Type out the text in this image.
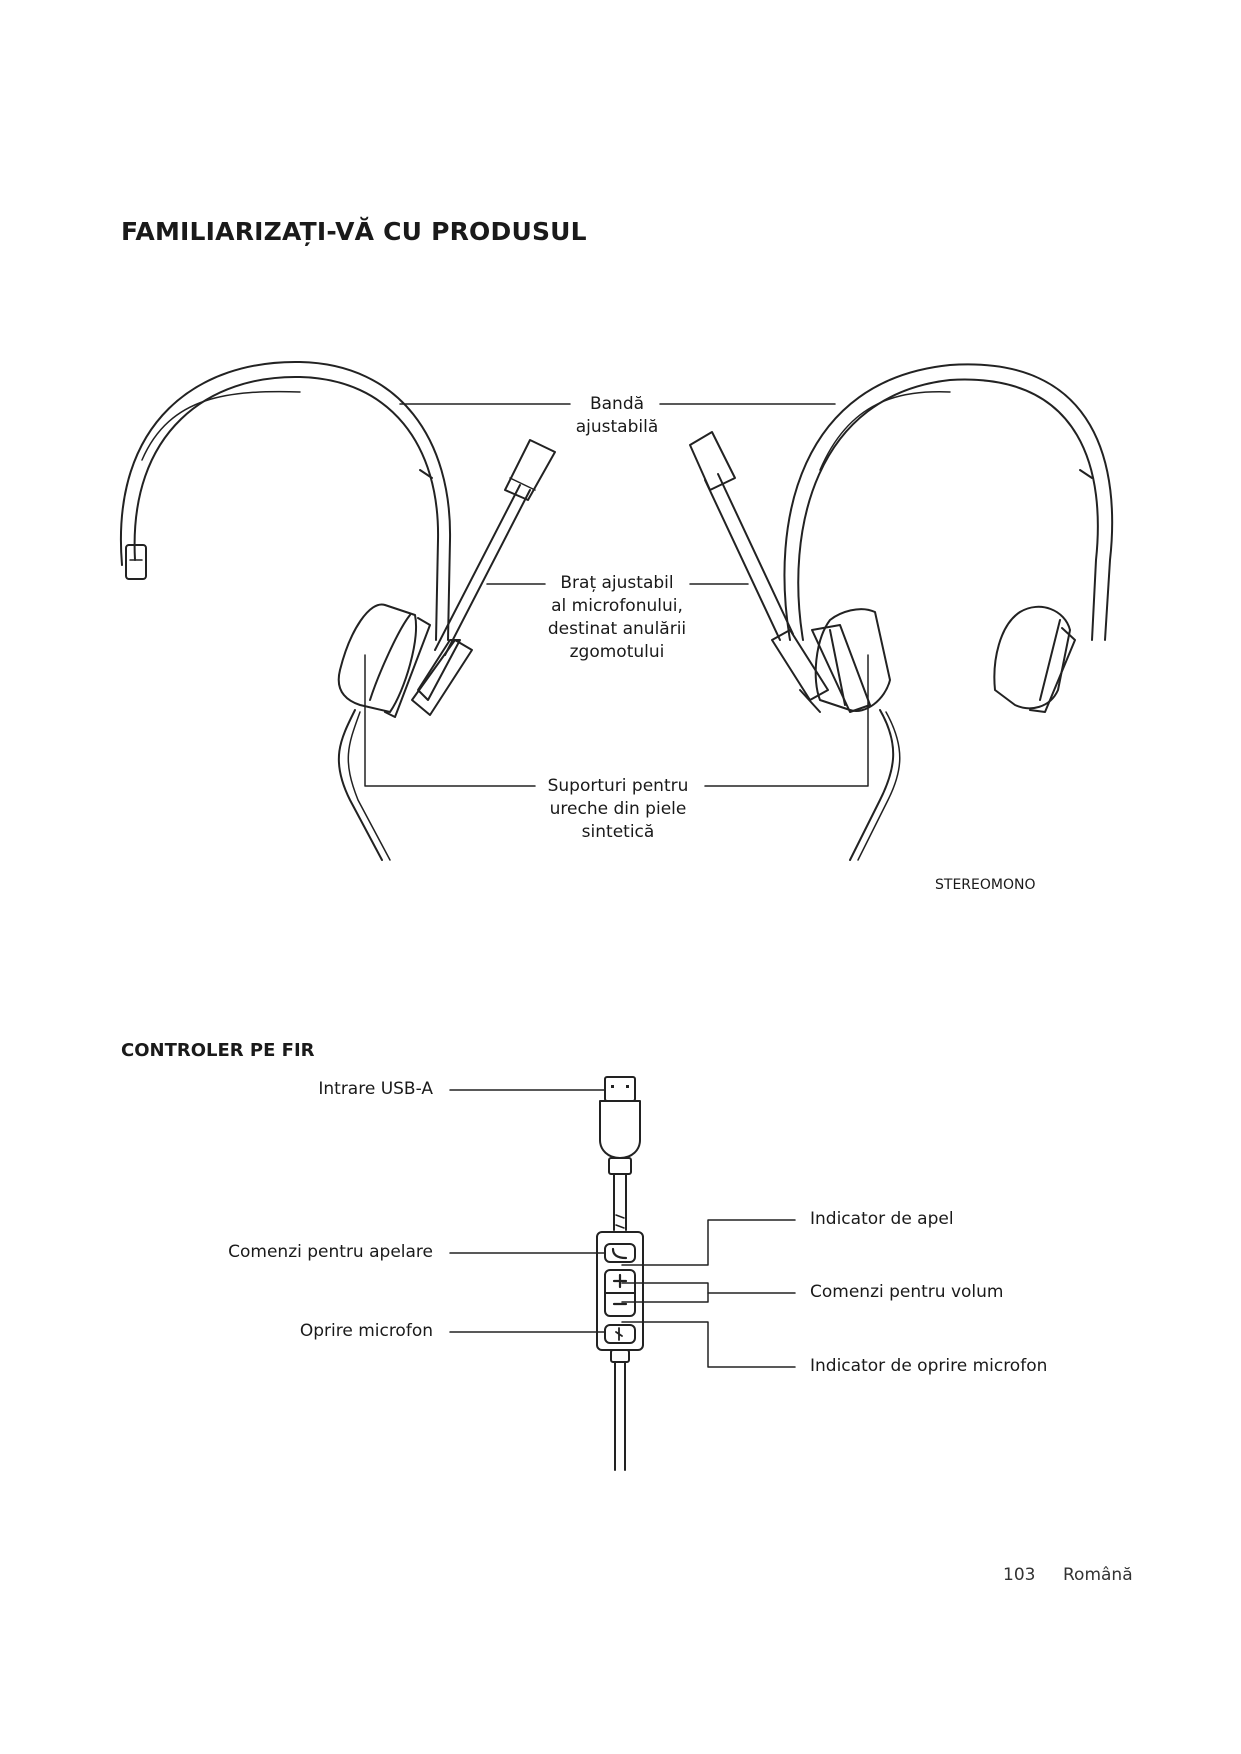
FAMILIARIZAȚI-VĂ CU PRODUSUL
Bandă
ajustabilă
Braț ajustabil
al microfonului,
destinat anulării
zgomotului
Suporturi pentru
ureche din piele
sintetică
STEREOMONO
CONTROLER PE FIR
Intrare USB-A
Comenzi pentru apelare
Oprire microfon
Indicator de apel
Comenzi pentru volum
Indicator de oprire microfon
103 Română
